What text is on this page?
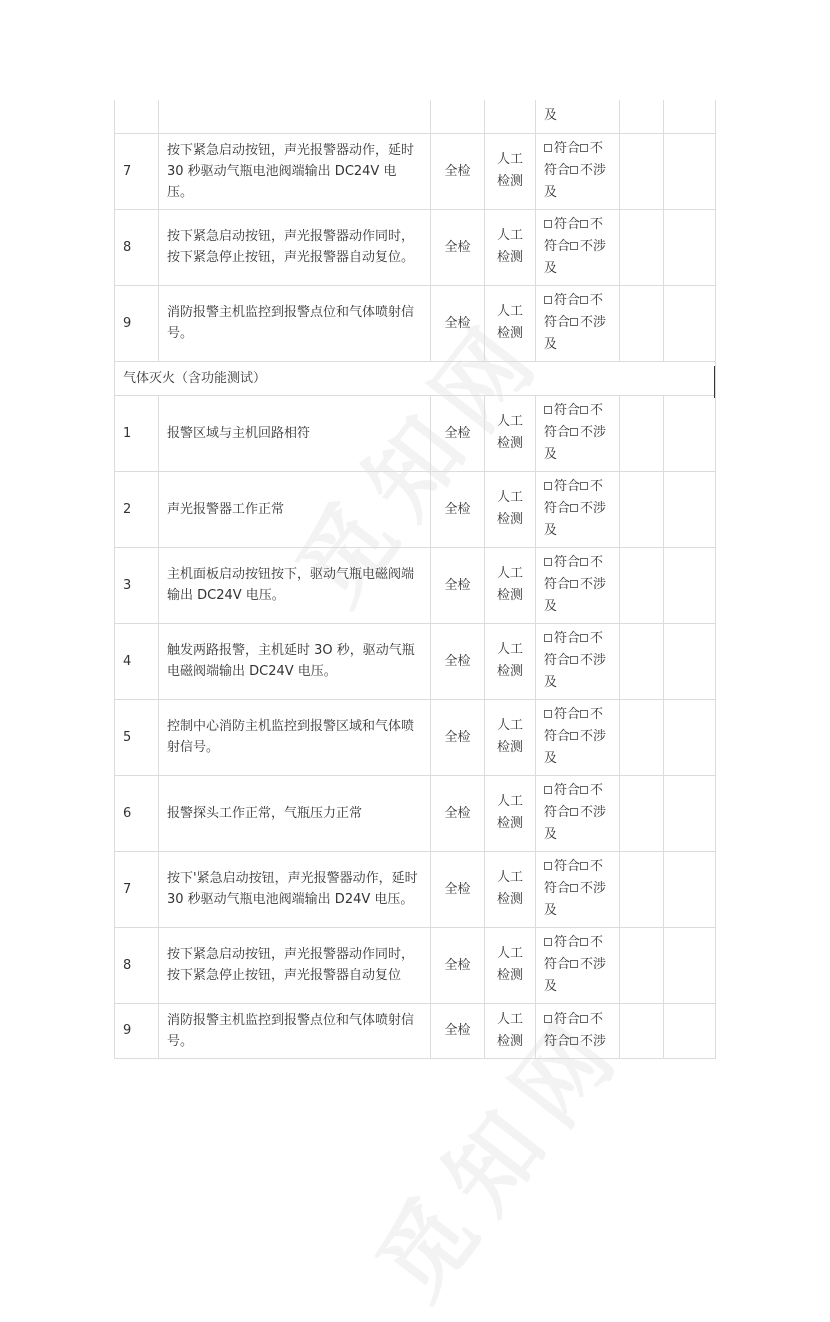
				及		
7	按下紧急启动按钮，声光报警器动作，延时 30 秒驱动气瓶电池阀端输出 DC24V 电压。	全检	人工检测	符合 不符合 不涉及		
8	按下紧急启动按钮，声光报警器动作同时，按下紧急停止按钮，声光报警器自动复位。	全检	人工检测	符合 不符合 不涉及		
9	消防报警主机监控到报警点位和气体喷射信号。	全检	人工检测	符合 不符合 不涉及		
气体灭火（含功能测试）						
1	报警区域与主机回路相符	全检	人工检测	符合 不符合 不涉及		
2	声光报警器工作正常	全检	人工检测	符合 不符合 不涉及		
3	主机面板启动按钮按下，驱动气瓶电磁阀端输出 DC24V 电压。	全检	人工检测	符合 不符合 不涉及		
4	触发两路报警，主机延时 3O 秒，驱动气瓶电磁阀端输出 DC24V 电压。	全检	人工检测	符合 不符合 不涉及		
5	控制中心消防主机监控到报警区域和气体喷射信号。	全检	人工检测	符合 不符合 不涉及		
6	报警探头工作正常，气瓶压力正常	全检	人工检测	符合 不符合 不涉及		
7	按下'紧急启动按钮，声光报警器动作，延时 30 秒驱动气瓶电池阀端输出 D24V 电压。	全检	人工检测	符合 不符合 不涉及		
8	按下紧急启动按钮，声光报警器动作同时，按下紧急停止按钮，声光报警器自动复位	全检	人工检测	符合 不符合 不涉及		
9	消防报警主机监控到报警点位和气体喷射信号。	全检	人工检测	符合 不符合 不涉		
